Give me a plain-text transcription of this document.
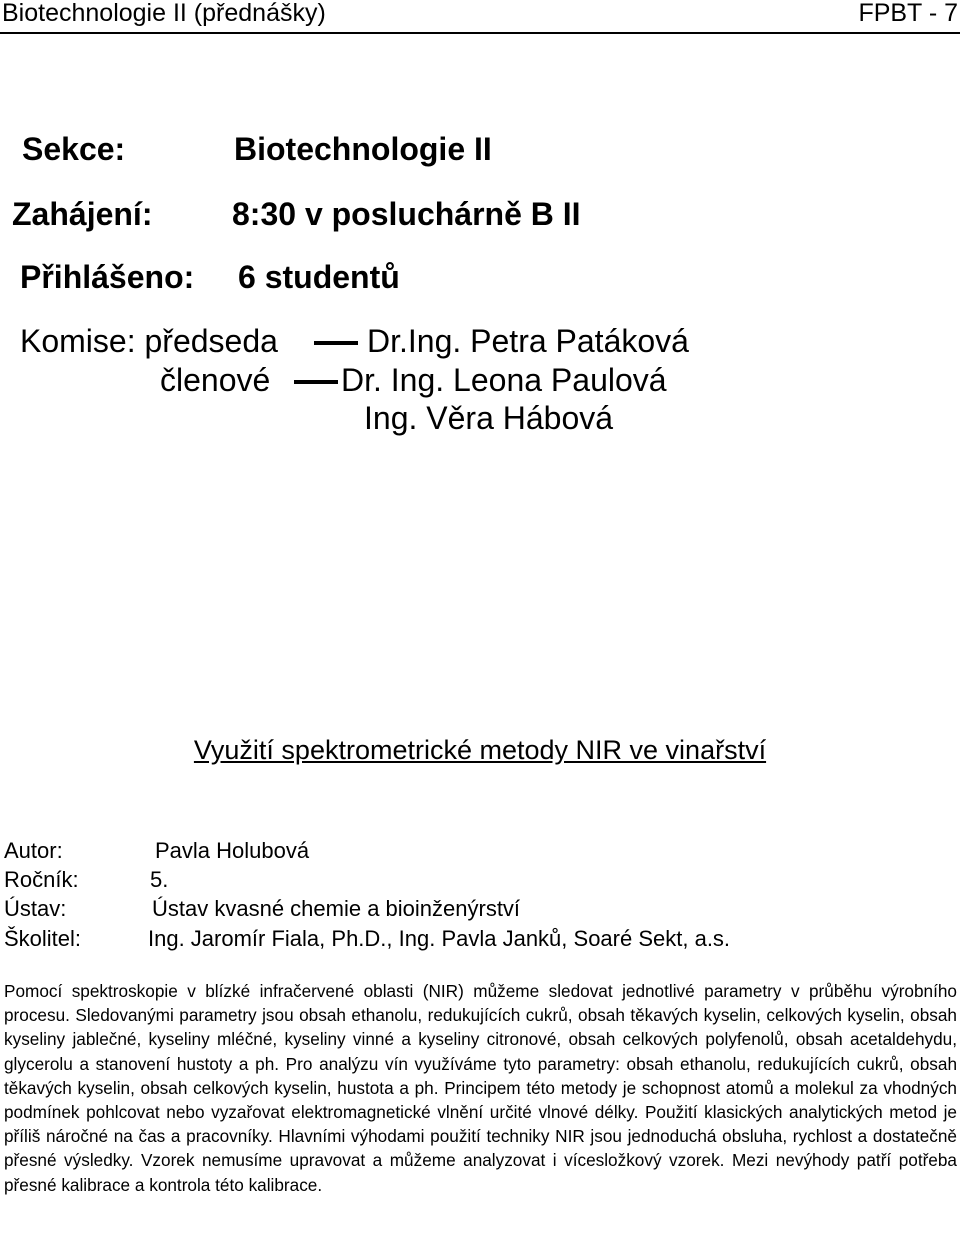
Biotechnologie II (přednášky)	FPBT - 7
Sekce:	Biotechnologie II
Zahájení: 8:30 v posluchárně B II
Přihlášeno: 6 studentů
Komise: předseda	Dr.Ing. Petra Patáková
členové Dr. Ing. Leona Paulová
Ing. Věra Hábová
Využití spektrometrické metody NIR ve vinařství
Autor:	Pavla Holubová
Ročník:	5.
Ústav:	Ústav kvasné chemie a bioinženýrství
Školitel:	Ing. Jaromír Fiala, Ph.D., Ing. Pavla Janků, Soaré Sekt, a.s.
Pomocí spektroskopie v blízké infračervené oblasti (NIR) můžeme sledovat jednotlivé parametry v průběhu výrobního procesu. Sledovanými parametry jsou obsah ethanolu, redukujících cukrů, obsah těkavých kyselin, celkových kyselin, obsah kyseliny jablečné, kyseliny mléčné, kyseliny vinné a kyseliny citronové, obsah celkových polyfenolů, obsah acetaldehydu, glycerolu a stanovení hustoty a ph. Pro analýzu vín využíváme tyto parametry: obsah ethanolu, redukujících cukrů, obsah těkavých kyselin, obsah celkových kyselin, hustota a ph. Principem této metody je schopnost atomů a molekul za vhodných podmínek pohlcovat nebo vyzařovat elektromagnetické vlnění určité vlnové délky. Použití klasických analytických metod je příliš náročné na čas a pracovníky. Hlavními výhodami použití techniky NIR jsou jednoduchá obsluha, rychlost a dostatečně přesné výsledky. Vzorek nemusíme upravovat a můžeme analyzovat i vícesložkový vzorek. Mezi nevýhody patří potřeba přesné kalibrace a kontrola této kalibrace.
